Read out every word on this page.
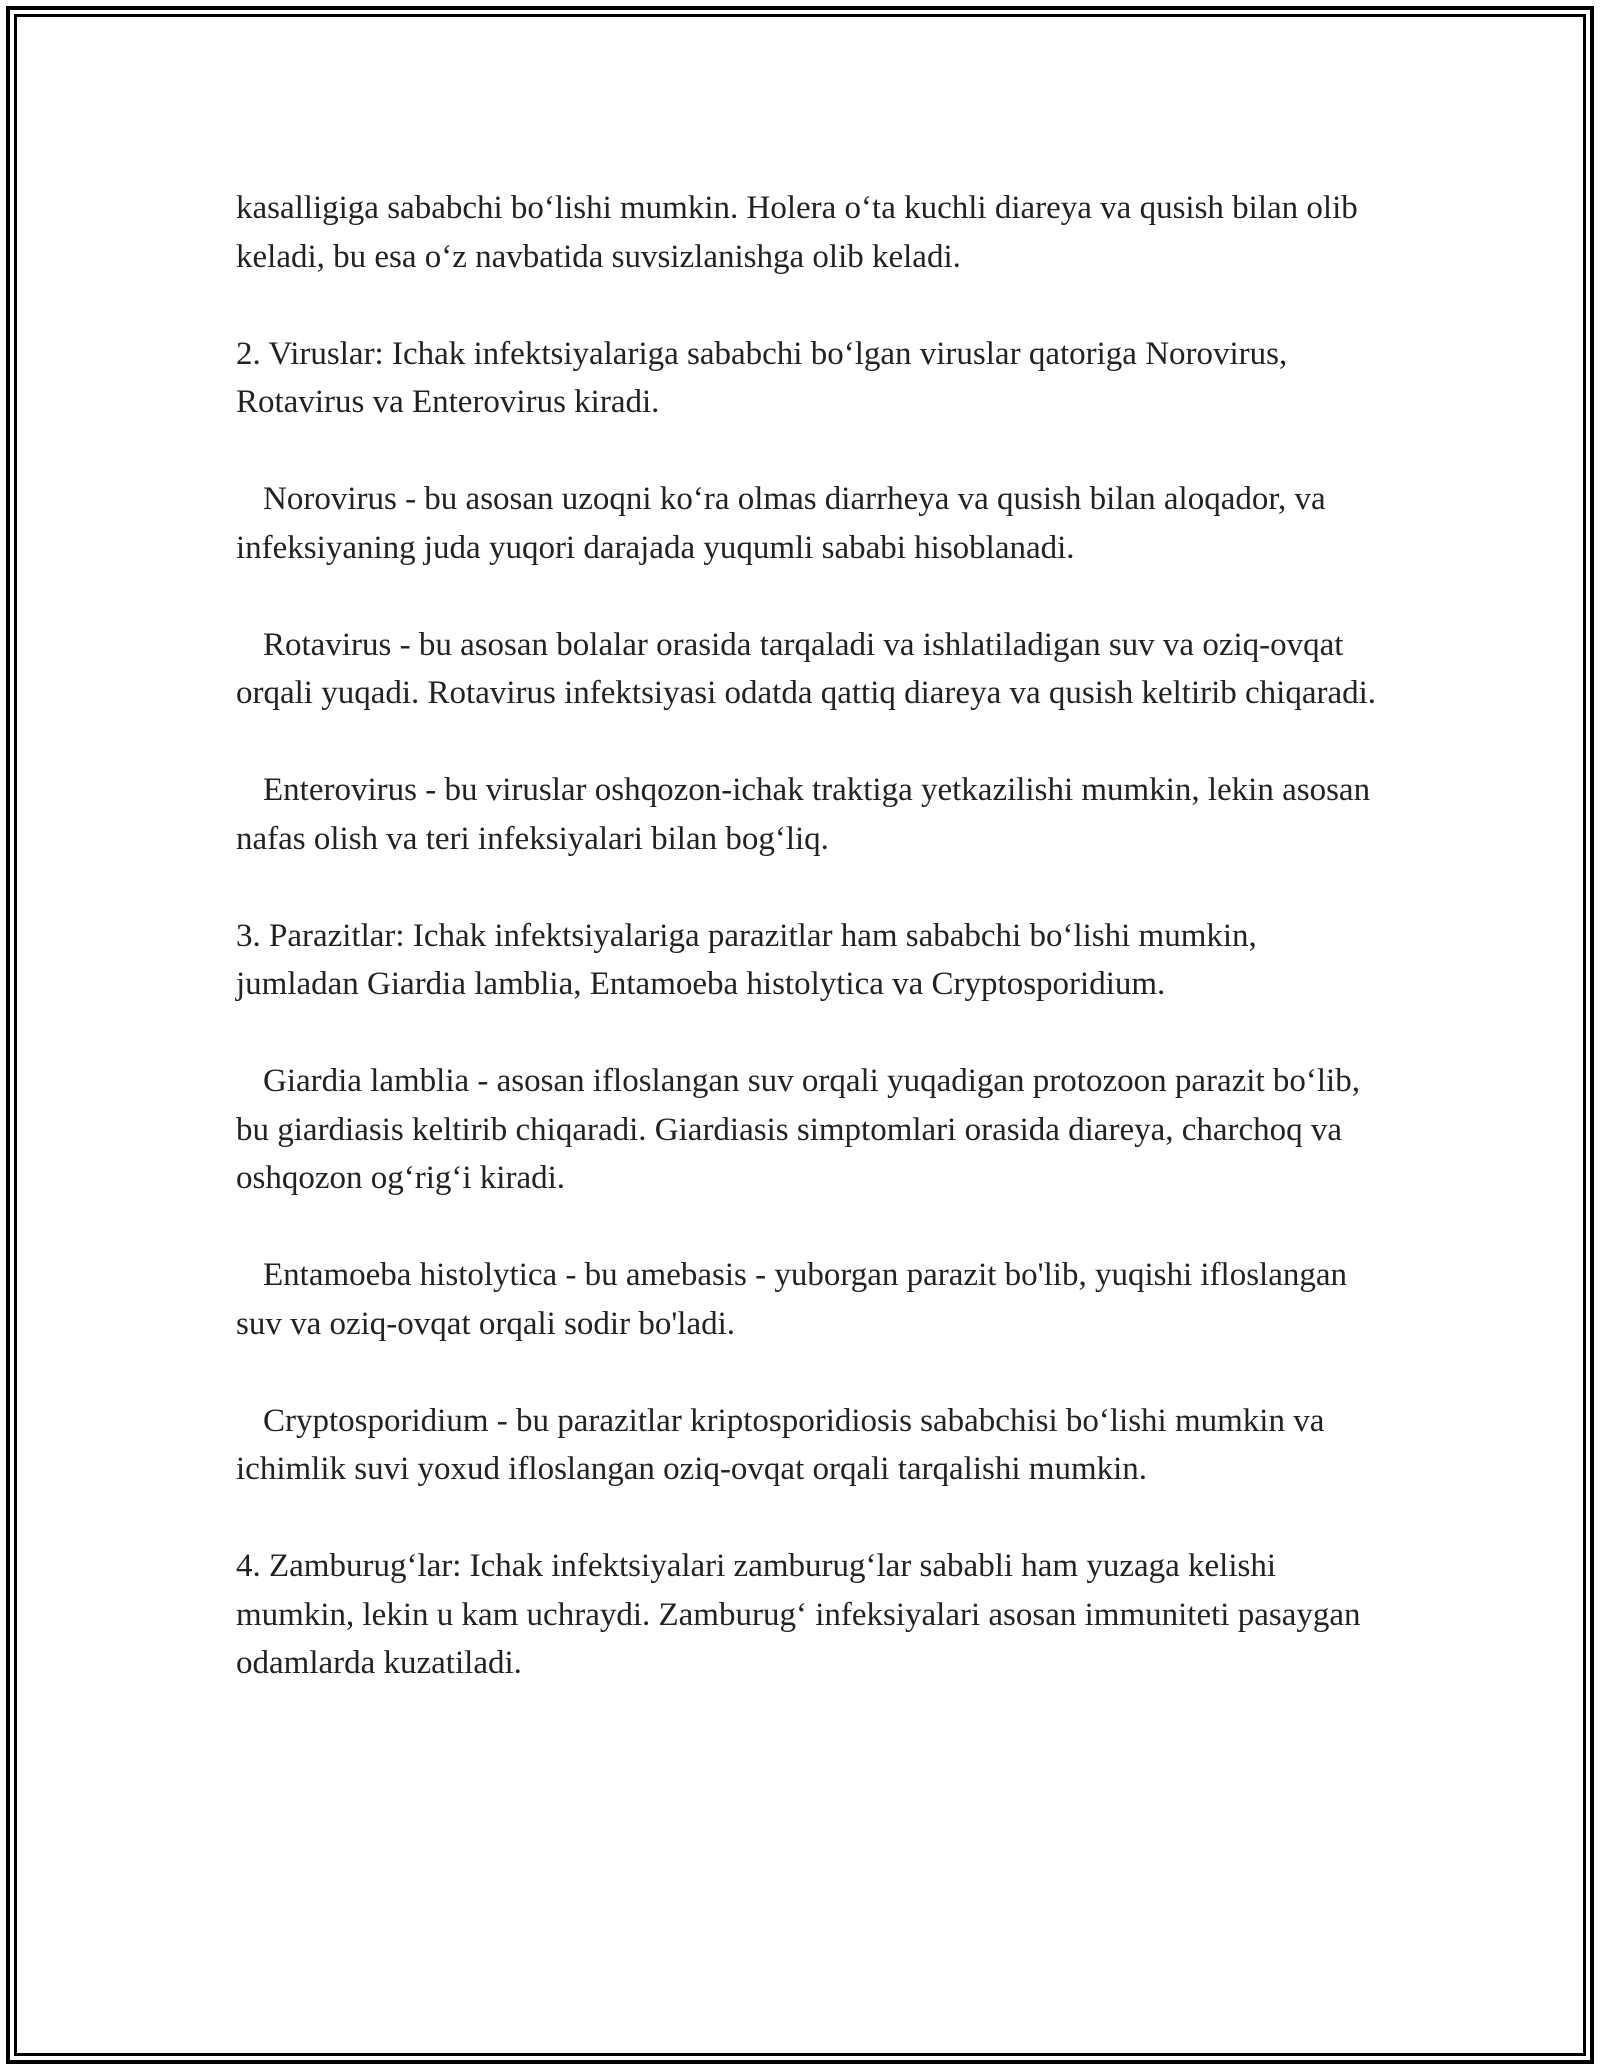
kasalligiga sababchi bo‘lishi mumkin. Holera o‘ta kuchli diareya va qusish bilan olib keladi, bu esa o‘z navbatida suvsizlanishga olib keladi.

2. Viruslar: Ichak infektsiyalariga sababchi bo‘lgan viruslar qatoriga Norovirus, Rotavirus va Enterovirus kiradi.

Norovirus - bu asosan uzoqni ko‘ra olmas diarrheya va qusish bilan aloqador, va infeksiyaning juda yuqori darajada yuqumli sababi hisoblanadi.

Rotavirus - bu asosan bolalar orasida tarqaladi va ishlatiladigan suv va oziq-ovqat orqali yuqadi. Rotavirus infektsiyasi odatda qattiq diareya va qusish keltirib chiqaradi.

Enterovirus - bu viruslar oshqozon-ichak traktiga yetkazilishi mumkin, lekin asosan nafas olish va teri infeksiyalari bilan bog‘liq.

3. Parazitlar: Ichak infektsiyalariga parazitlar ham sababchi bo‘lishi mumkin, jumladan Giardia lamblia, Entamoeba histolytica va Cryptosporidium.

Giardia lamblia - asosan ifloslangan suv orqali yuqadigan protozoon parazit bo‘lib, bu giardiasis keltirib chiqaradi. Giardiasis simptomlari orasida diareya, charchoq va oshqozon og‘rig‘i kiradi.

Entamoeba histolytica - bu amebasis - yuborgan parazit bo'lib, yuqishi ifloslangan suv va oziq-ovqat orqali sodir bo'ladi.

Cryptosporidium - bu parazitlar kriptosporidiosis sababchisi bo‘lishi mumkin va ichimlik suvi yoxud ifloslangan oziq-ovqat orqali tarqalishi mumkin.

4. Zamburug‘lar: Ichak infektsiyalari zamburug‘lar sababli ham yuzaga kelishi mumkin, lekin u kam uchraydi. Zamburug‘ infeksiyalari asosan immuniteti pasaygan odamlarda kuzatiladi.
